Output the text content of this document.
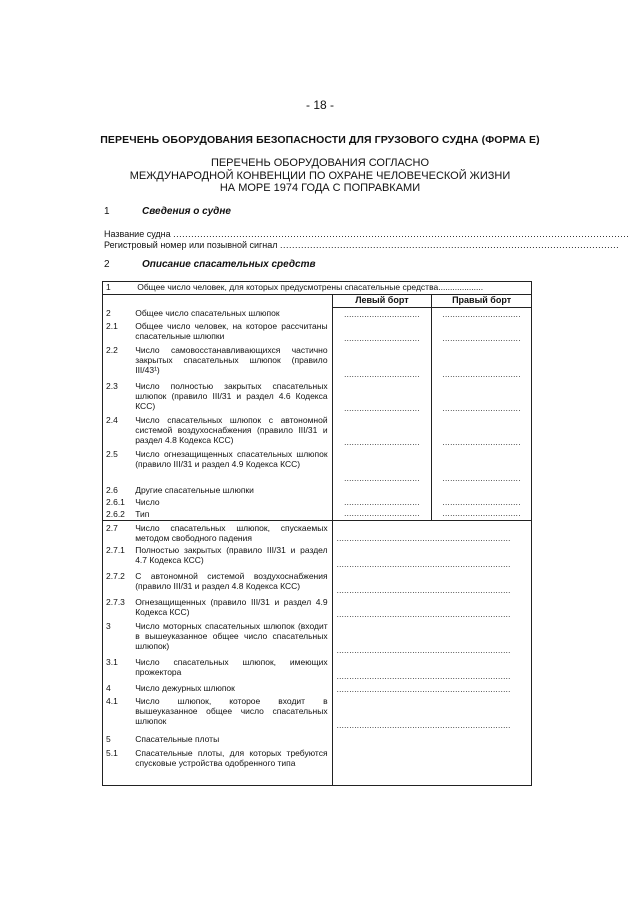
- 18 -
ПЕРЕЧЕНЬ ОБОРУДОВАНИЯ БЕЗОПАСНОСТИ ДЛЯ ГРУЗОВОГО СУДНА (ФОРМА Е)
ПЕРЕЧЕНЬ ОБОРУДОВАНИЯ СОГЛАСНО
МЕЖДУНАРОДНОЙ КОНВЕНЦИИ ПО ОХРАНЕ ЧЕЛОВЕЧЕСКОЙ ЖИЗНИ
НА МОРЕ 1974 ГОДА С ПОПРАВКАМИ
1	Сведения о судне
Название судна ........................................................................................................................................................
Регистровый номер или позывной сигнал .................................................................................................................
2	Описание спасательных средств
1	Общее число человек, для которых предусмотрены спасательные средства...................		
		Левый борт	Правый борт
2	Общее число спасательных шлюпок	..............................	...............................

2.1	Общее число человек, на которое рассчитаны спасательные шлюпки	..............................	...............................

2.2	Число самовосстанавливающихся частично закрытых спасательных шлюпок (правило III/43¹)	..............................	...............................

2.3	Число полностью закрытых спасательных шлюпок (правило III/31 и раздел 4.6 Кодекса КСС)	..............................	...............................

2.4	Число спасательных шлюпок с автономной системой воздухоснабжения (правило III/31 и раздел 4.8 Кодекса КСС)	..............................	...............................

2.5	Число огнезащищенных спасательных шлюпок (правило III/31 и раздел 4.9 Кодекса КСС)	..............................	...............................

2.6	Другие спасательные шлюпки	

2.6.1	Число	..............................	...............................

2.6.2	Тип	..............................	...............................

2.7	Число спасательных шлюпок, спускаемых методом свободного падения	.....................................................................	

2.7.1	Полностью закрытых (правило III/31 и раздел 4.7 Кодекса КСС)	.....................................................................	

2.7.2	С автономной системой воздухоснабжения (правило III/31 и раздел 4.8 Кодекса КСС)	.....................................................................	

2.7.3	Огнезащищенных (правило III/31 и раздел 4.9 Кодекса КСС)	.....................................................................	

3	Число моторных спасательных шлюпок (входит в вышеуказанное общее число спасательных шлюпок)	.....................................................................	

3.1	Число спасательных шлюпок, имеющих прожектора	.....................................................................	

4	Число дежурных шлюпок	.....................................................................	

4.1	Число шлюпок, которое входит в вышеуказанное общее число спасательных шлюпок	.....................................................................	

5	Спасательные плоты		

5.1	Спасательные плоты, для которых требуются спусковые устройства одобренного типа		
